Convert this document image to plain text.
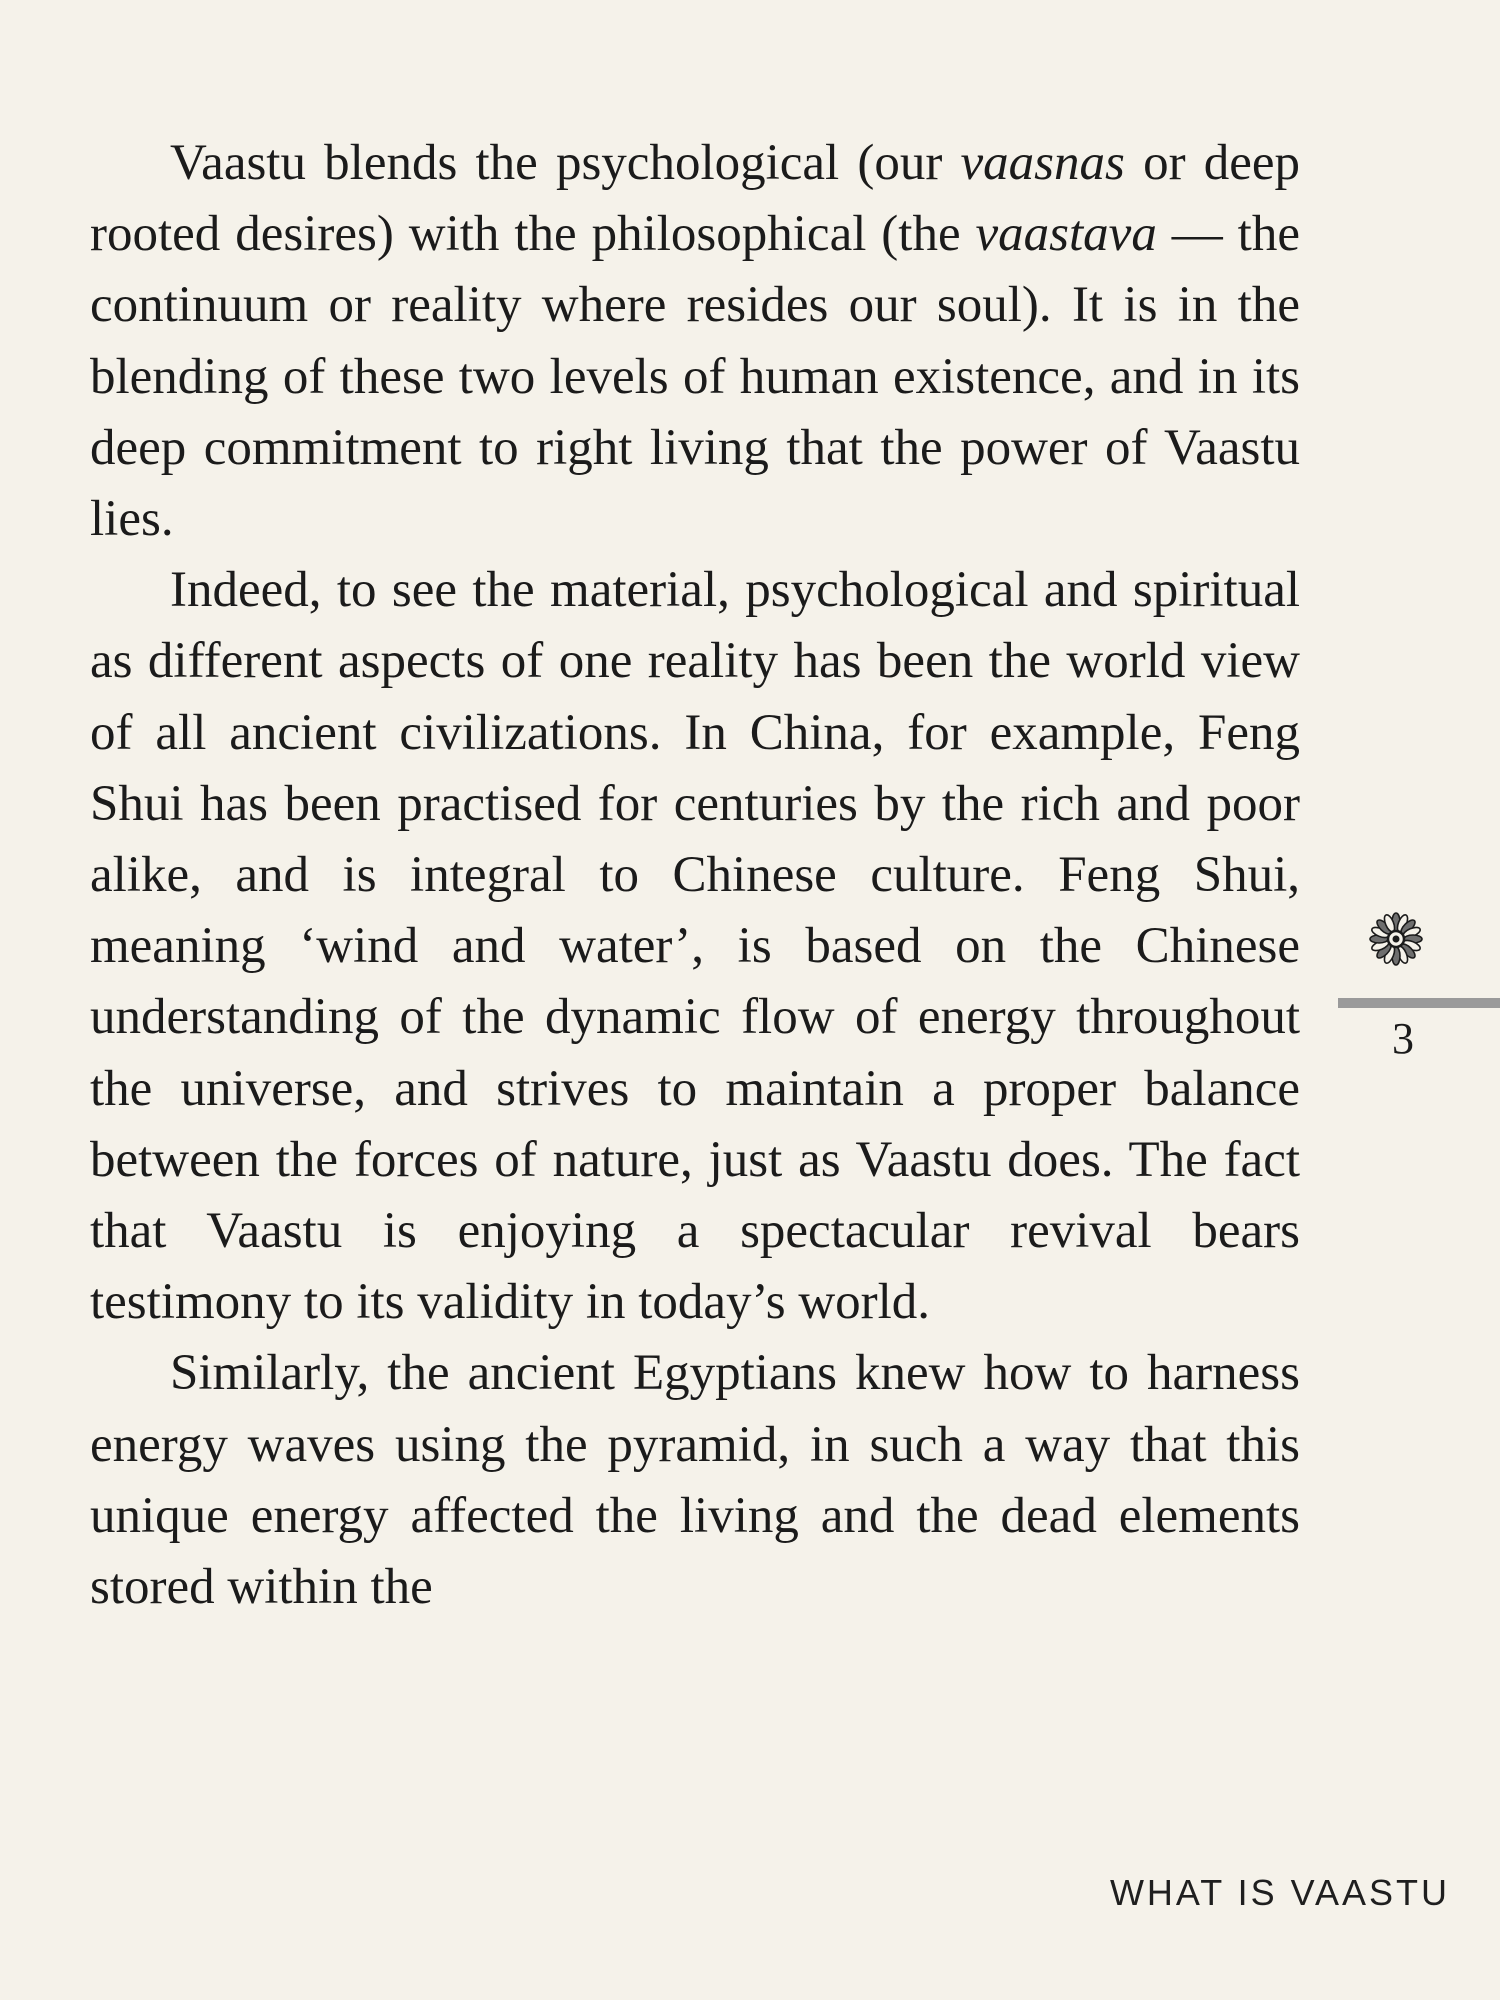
Vaastu blends the psychological (our vaasnas or deep rooted desires) with the philosophical (the vaastava — the continuum or reality where resides our soul). It is in the blending of these two levels of human existence, and in its deep commitment to right living that the power of Vaastu lies.

Indeed, to see the material, psychological and spiritual as different aspects of one reality has been the world view of all ancient civilizations. In China, for example, Feng Shui has been practised for centuries by the rich and poor alike, and is integral to Chinese culture. Feng Shui, meaning ‘wind and water’, is based on the Chinese understanding of the dynamic flow of energy throughout the universe, and strives to maintain a proper balance between the forces of nature, just as Vaastu does. The fact that Vaastu is enjoying a spectacular revival bears testimony to its validity in today’s world.

Similarly, the ancient Egyptians knew how to harness energy waves using the pyramid, in such a way that this unique energy affected the living and the dead elements stored within the

3
WHAT IS VAASTU
